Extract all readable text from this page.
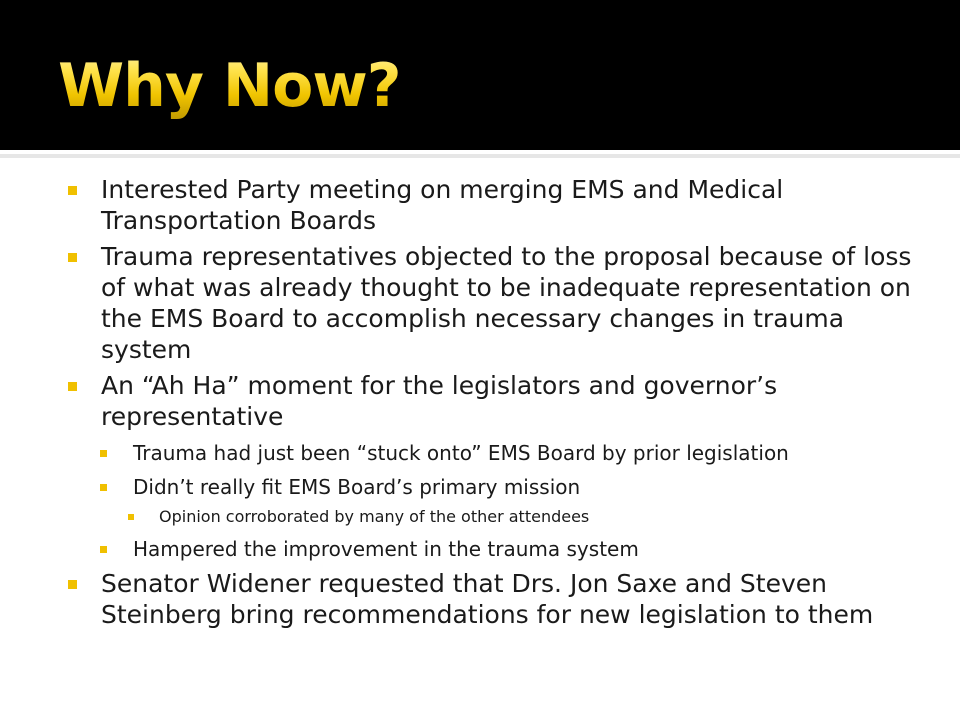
Why Now?
Interested Party meeting on merging EMS and Medical Transportation Boards
Trauma representatives objected to the proposal because of loss of what was already thought to be inadequate representation on the EMS Board to accomplish necessary changes in trauma system
An “Ah Ha” moment for the legislators and governor’s representative
Trauma had just been “stuck onto” EMS Board by prior legislation
Didn’t really fit EMS Board’s primary mission
Opinion corroborated by many of the other attendees
Hampered the improvement in the trauma system
Senator Widener requested that Drs. Jon Saxe and Steven Steinberg bring recommendations for new legislation to them
